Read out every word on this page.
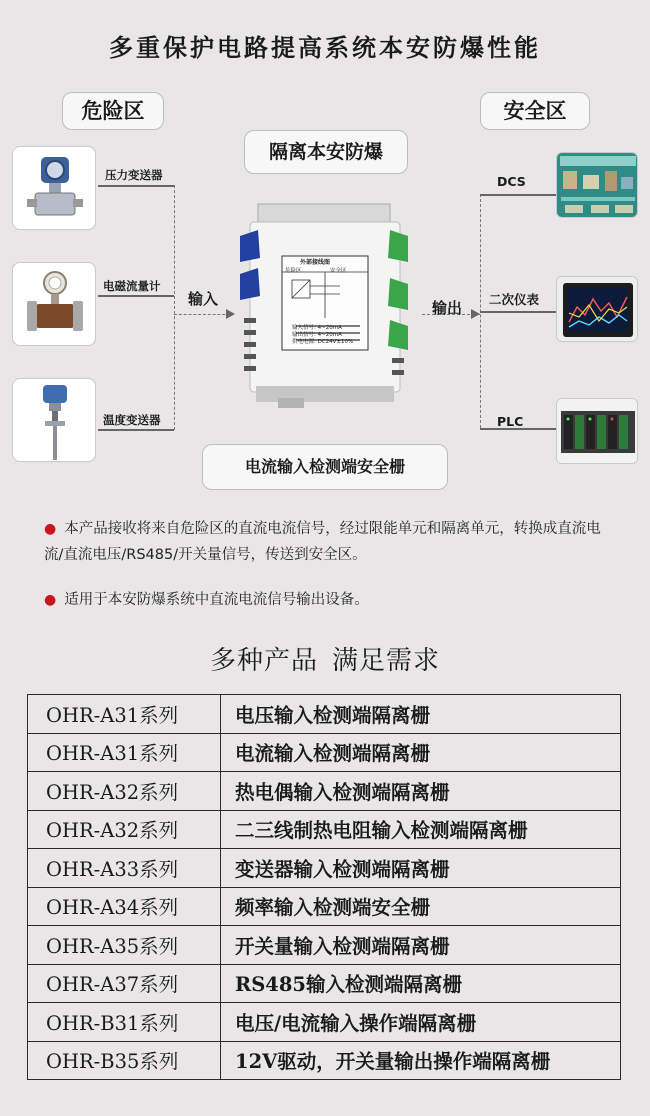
多重保护电路提高系统本安防爆性能
危险区	安全区
隔离本安防爆
压力变送器
电磁流量计
温度变送器
输入
外部接线图
危险区	安全区
输入信号: 4~20mA
输出信号: 4~20mA
供电电源: DC24V±10%
输出
DCS
二次仪表
PLC
电流输入检测端安全栅
● 本产品接收将来自危险区的直流电流信号，经过限能单元和隔离单元，转换成直流电流/直流电压/RS485/开关量信号，传送到安全区。
● 适用于本安防爆系统中直流电流信号输出设备。
多种产品 满足需求
OHR-A31系列	电压输入检测端隔离栅
OHR-A31系列	电流输入检测端隔离栅
OHR-A32系列	热电偶输入检测端隔离栅
OHR-A32系列	二三线制热电阻输入检测端隔离栅
OHR-A33系列	变送器输入检测端隔离栅
OHR-A34系列	频率输入检测端安全栅
OHR-A35系列	开关量输入检测端隔离栅
OHR-A37系列	RS485输入检测端隔离栅
OHR-B31系列	电压/电流输入操作端隔离栅
OHR-B35系列	12V驱动，开关量输出操作端隔离栅
